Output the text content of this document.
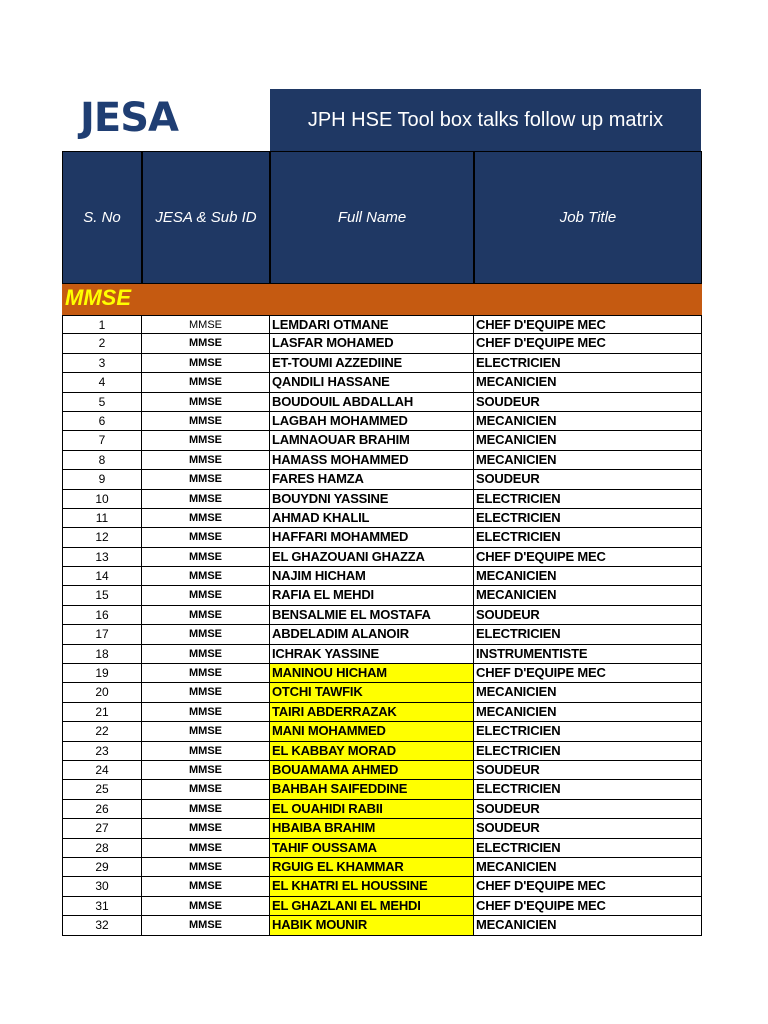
JESA	JPH HSE Tool box talks follow up matrix
S. No	JESA & Sub ID	Full Name	Job Title
MMSE
1	MMSE	LEMDARI OTMANE	CHEF D'EQUIPE MEC
2	MMSE	LASFAR MOHAMED	CHEF D'EQUIPE MEC
3	MMSE	ET-TOUMI AZZEDIINE	ELECTRICIEN
4	MMSE	QANDILI HASSANE	MECANICIEN
5	MMSE	BOUDOUIL ABDALLAH	SOUDEUR
6	MMSE	LAGBAH MOHAMMED	MECANICIEN
7	MMSE	LAMNAOUAR BRAHIM	MECANICIEN
8	MMSE	HAMASS MOHAMMED	MECANICIEN
9	MMSE	FARES HAMZA	SOUDEUR
10	MMSE	BOUYDNI YASSINE	ELECTRICIEN
11	MMSE	AHMAD KHALIL	ELECTRICIEN
12	MMSE	HAFFARI MOHAMMED	ELECTRICIEN
13	MMSE	EL GHAZOUANI GHAZZA	CHEF D'EQUIPE MEC
14	MMSE	NAJIM HICHAM	MECANICIEN
15	MMSE	RAFIA EL MEHDI	MECANICIEN
16	MMSE	BENSALMIE EL MOSTAFA	SOUDEUR
17	MMSE	ABDELADIM ALANOIR	ELECTRICIEN
18	MMSE	ICHRAK YASSINE	INSTRUMENTISTE
19	MMSE	MANINOU HICHAM	CHEF D'EQUIPE MEC
20	MMSE	OTCHI TAWFIK	MECANICIEN
21	MMSE	TAIRI ABDERRAZAK	MECANICIEN
22	MMSE	MANI MOHAMMED	ELECTRICIEN
23	MMSE	EL KABBAY MORAD	ELECTRICIEN
24	MMSE	BOUAMAMA AHMED	SOUDEUR
25	MMSE	BAHBAH SAIFEDDINE	ELECTRICIEN
26	MMSE	EL OUAHIDI RABII	SOUDEUR
27	MMSE	HBAIBA BRAHIM	SOUDEUR
28	MMSE	TAHIF OUSSAMA	ELECTRICIEN
29	MMSE	RGUIG EL KHAMMAR	MECANICIEN
30	MMSE	EL KHATRI EL HOUSSINE	CHEF D'EQUIPE MEC
31	MMSE	EL GHAZLANI EL MEHDI	CHEF D'EQUIPE MEC
32	MMSE	HABIK MOUNIR	MECANICIEN
